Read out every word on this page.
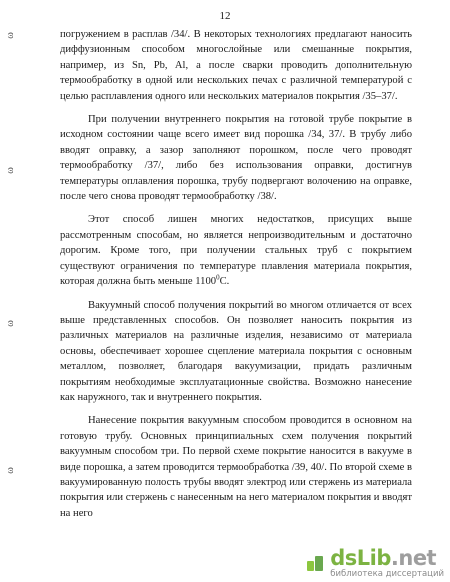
12
ω
ω
ω
ω

погружением в расплав /34/. В некоторых технологиях предлагают наносить диффузионным способом многослойные или смешанные покрытия, например, из Sn, Pb, Al, а после сварки проводить дополнительную термообработку в одной или нескольких печах с различной температурой с целью расплавления одного или нескольких материалов покрытия /35–37/.

При получении внутреннего покрытия на готовой трубе покрытие в исходном состоянии чаще всего имеет вид порошка /34, 37/. В трубу либо вводят оправку, а зазор заполняют порошком, после чего проводят термообработку /37/, либо без использования оправки, достигнув температуры оплавления порошка, трубу подвергают волочению на оправке, после чего снова проводят термообработку /38/.

Этот способ лишен многих недостатков, присущих выше рассмотренным способам, но является непроизводительным и достаточно дорогим. Кроме того, при получении стальных труб с покрытием существуют ограничения по температуре плавления материала покрытия, которая должна быть меньше 1100$^0$С.

Вакуумный способ получения покрытий во многом отличается от всех выше представленных способов. Он позволяет наносить покрытия из различных материалов на различные изделия, независимо от материала основы, обеспечивает хорошее сцепление материала покрытия с основным металлом, позволяет, благодаря вакуумизации, придать различным покрытиям необходимые эксплуатационные свойства. Возможно нанесение как наружного, так и внутреннего покрытия.

Нанесение покрытия вакуумным способом проводится в основном на готовую трубу. Основных принципиальных схем получения покрытий вакуумным способом три. По первой схеме покрытие наносится в вакууме в виде порошка, а затем проводится термообработка /39, 40/. По второй схеме в вакуумированную полость трубы вводят электрод или стержень из материала покрытия или стержень с нанесенным на него материалом покрытия и вводят на него

dsLib.net
библиотека диссертаций
